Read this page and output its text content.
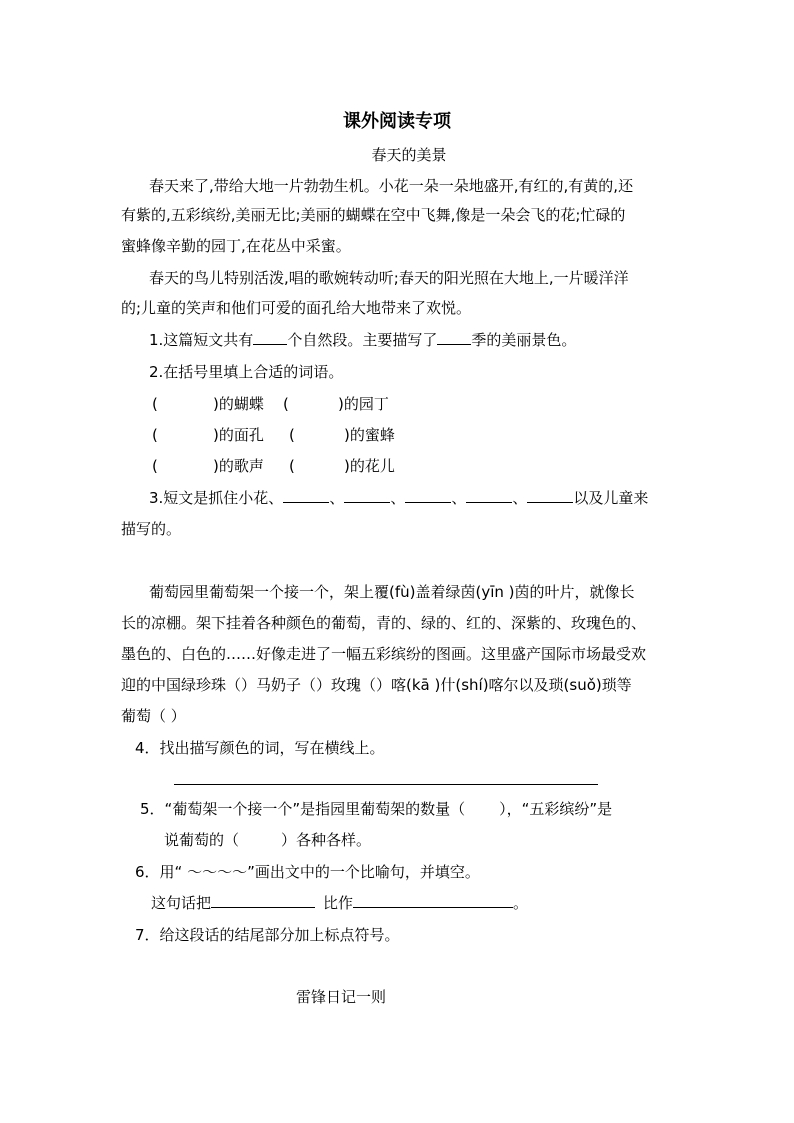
课外阅读专项
春天的美景
春天来了,带给大地一片勃勃生机。小花一朵一朵地盛开,有红的,有黄的,还
有紫的,五彩缤纷,美丽无比;美丽的蝴蝶在空中飞舞,像是一朵会飞的花;忙碌的
蜜蜂像辛勤的园丁,在花丛中采蜜。
春天的鸟儿特别活泼,唱的歌婉转动听;春天的阳光照在大地上,一片暖洋洋
的;儿童的笑声和他们可爱的面孔给大地带来了欢悦。
1.这篇短文共有 个自然段。主要描写了 季的美丽景色。
2.在括号里填上合适的词语。
(	)的蝴蝶 (	)的园丁
(	)的面孔 (	)的蜜蜂
(	)的歌声 (	)的花儿
3.短文是抓住小花、	、	、	、	、	以及儿童来
描写的。
葡萄园里葡萄架一个接一个，架上覆(fù)盖着绿茵(yīn )茵的叶片，就像长
长的凉棚。架下挂着各种颜色的葡萄，青的、绿的、红的、深紫的、玫瑰色的、
墨色的、白色的……好像走进了一幅五彩缤纷的图画。这里盛产国际市场最受欢
迎的中国绿珍珠（）马奶子（）玫瑰（）喀(kā )什(shí)喀尔以及琐(suǒ)琐等
葡萄（ ）
4．找出描写颜色的词，写在横线上。
5．“葡萄架一个接一个”是指园里葡萄架的数量（ ），“五彩缤纷”是
说葡萄的（	）各种各样。
6．用“ ～～～～”画出文中的一个比喻句，并填空。
这句话把	比作	。
7．给这段话的结尾部分加上标点符号。
雷锋日记一则
